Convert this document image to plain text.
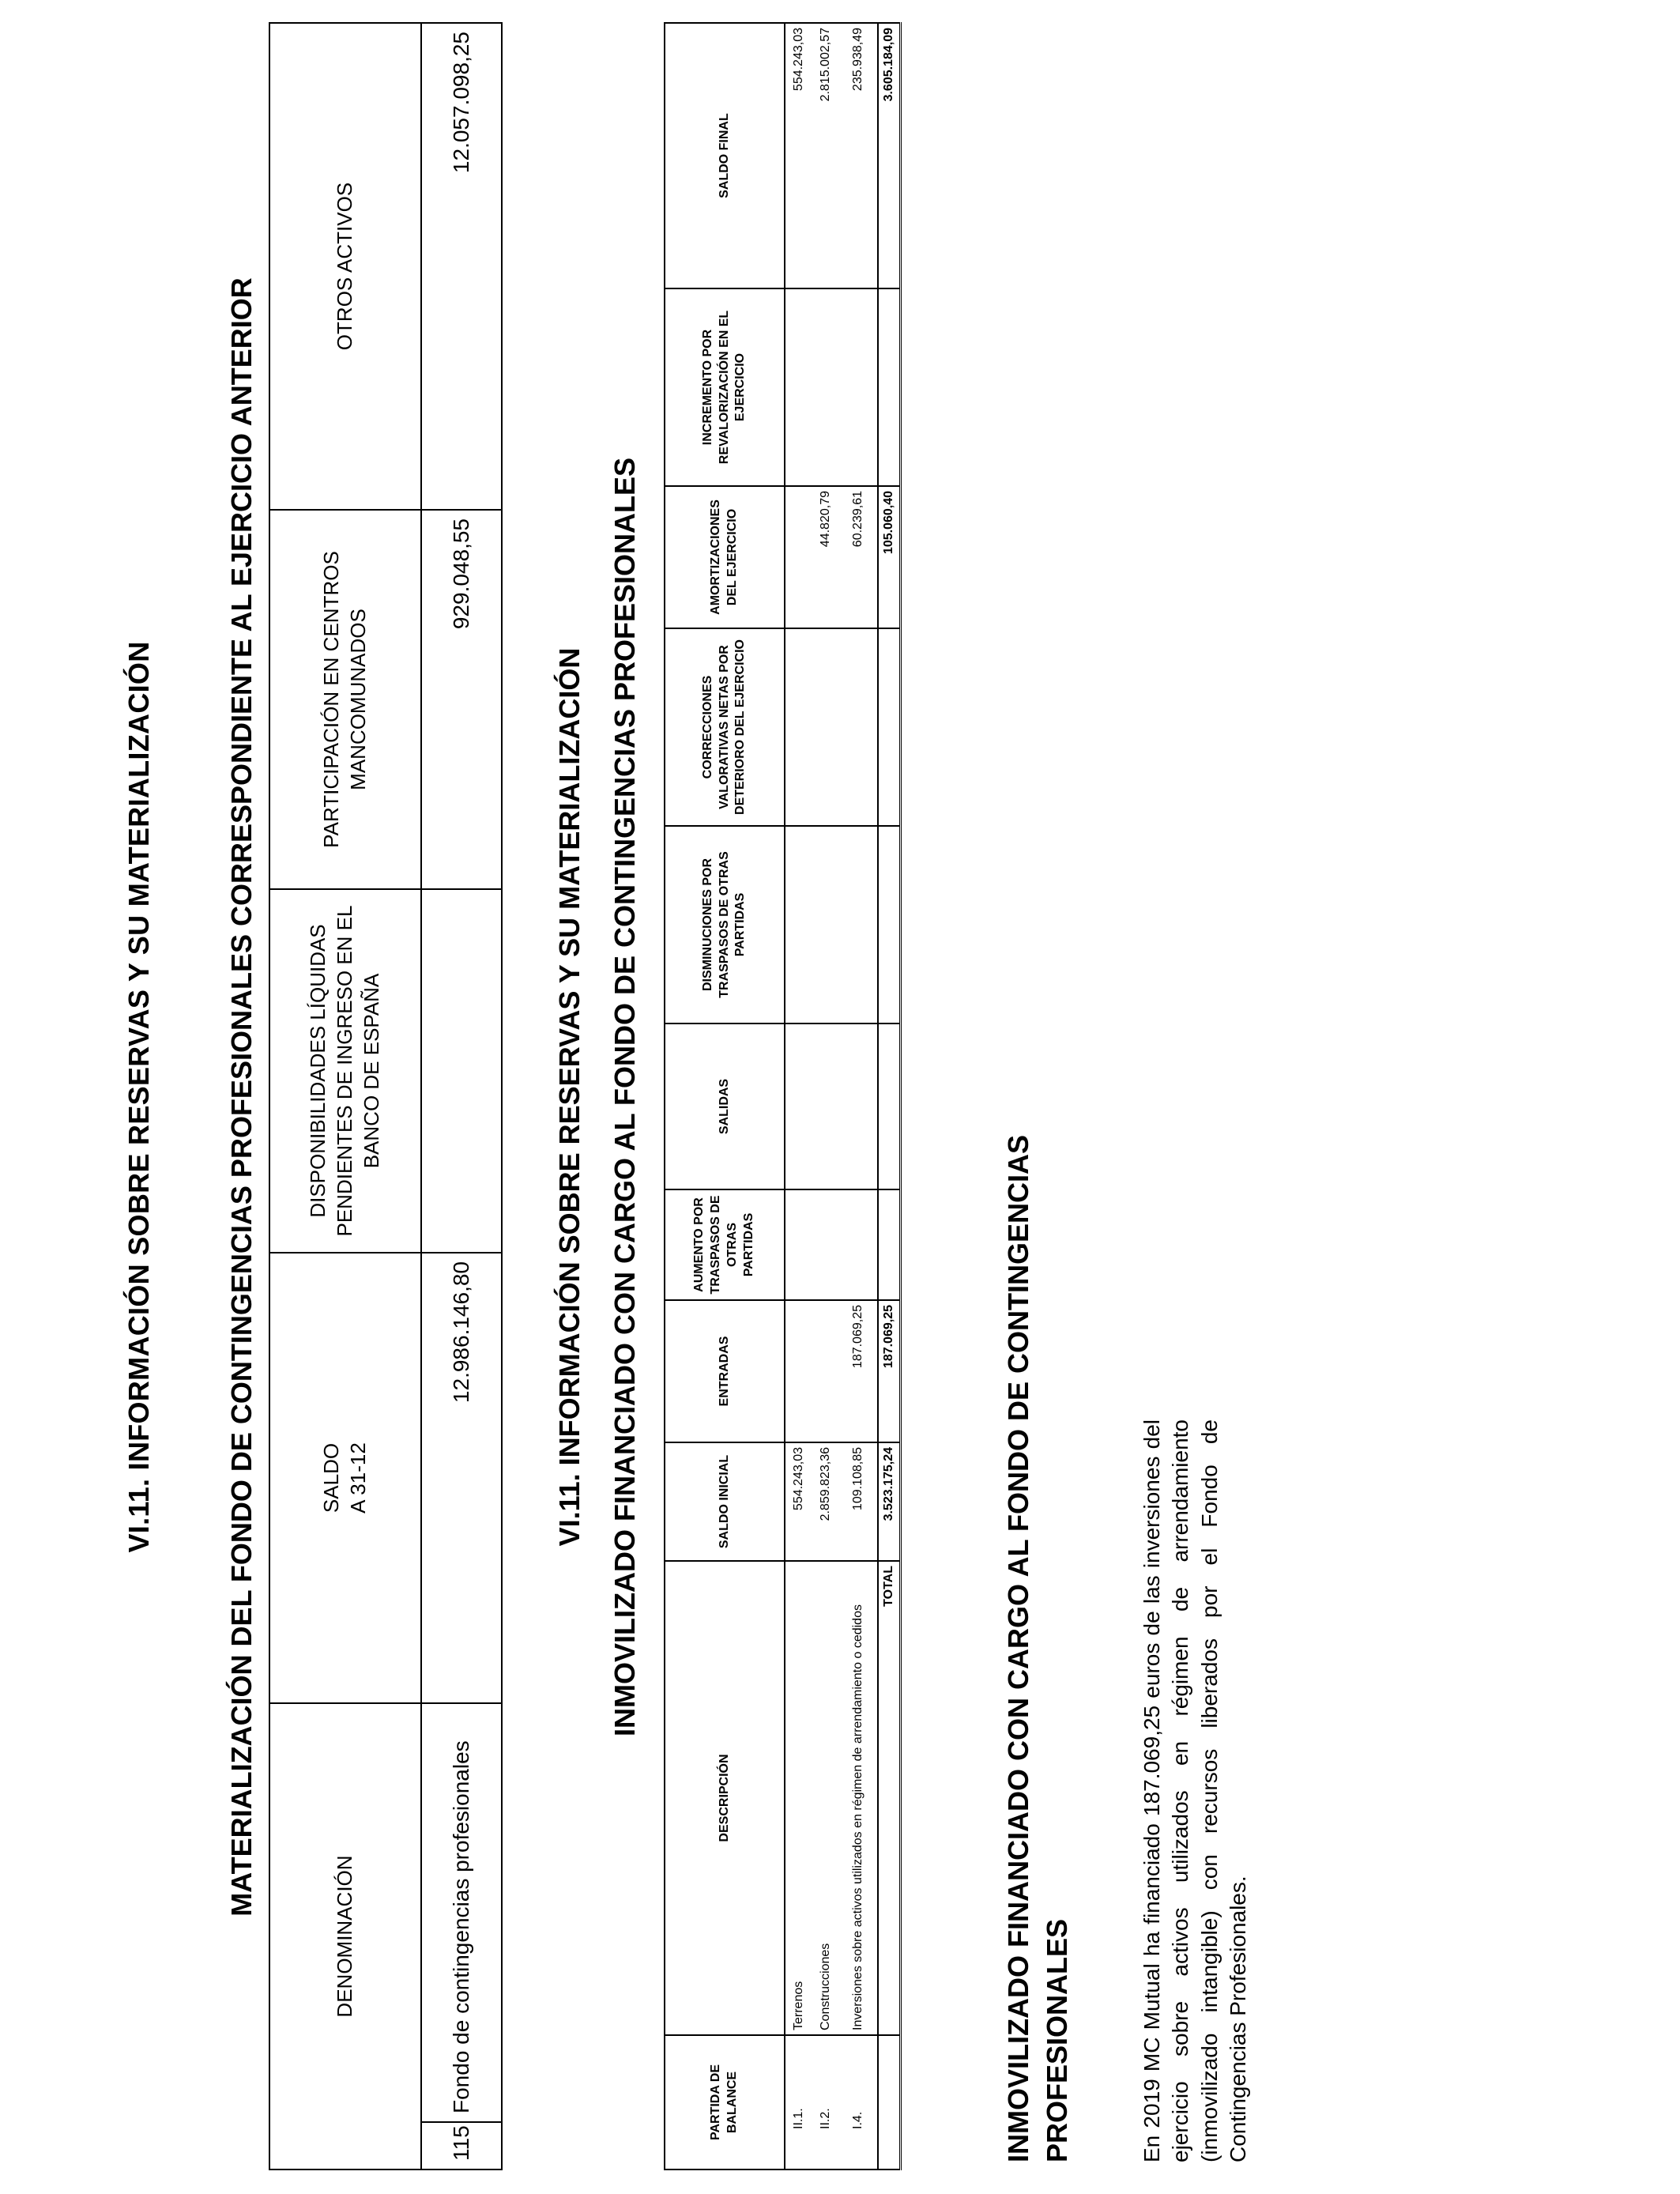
VI.11. INFORMACIÓN SOBRE RESERVAS Y SU MATERIALIZACIÓN MATERIALIZACIÓN DEL FONDO DE CONTINGENCIAS PROFESIONALES CORRESPONDIENTE AL EJERCICIO ANTERIOR
DENOMINACIÓN		SALDO A 31-12	DISPONIBILIDADES LÍQUIDAS PENDIENTES DE INGRESO EN EL BANCO DE ESPAÑA	PARTICIPACIÓN EN CENTROS MANCOMUNADOS	OTROS ACTIVOS
115	Fondo de contingencias profesionales	12.986.146,80		929.048,55	12.057.098,25
VI.11. INFORMACIÓN SOBRE RESERVAS Y SU MATERIALIZACIÓN INMOVILIZADO FINANCIADO CON CARGO AL FONDO DE CONTINGENCIAS PROFESIONALES
PARTIDA DE BALANCE	DESCRIPCIÓN	SALDO INICIAL	ENTRADAS	AUMENTO POR TRASPASOS DE OTRAS PARTIDAS	SALIDAS	DISMINUCIONES POR TRASPASOS DE OTRAS PARTIDAS	CORRECCIONES VALORATIVAS NETAS POR DETERIORO DEL EJERCICIO	AMORTIZACIONES DEL EJERCICIO	INCREMENTO POR REVALORIZACIÓN EN EL EJERCICIO	SALDO FINAL
II.1.	Terrenos	554.243,03								554.243,03
II.2.	Construcciones	2.859.823,36						44.820,79		2.815.002,57
I.4.	Inversiones sobre activos utilizados en régimen de arrendamiento o cedidos	109.108,85	187.069,25					60.239,61		235.938,49
	TOTAL	3.523.175,24	187.069,25					105.060,40		3.605.184,09
INMOVILIZADO FINANCIADO CON CARGO AL FONDO DE CONTINGENCIAS PROFESIONALES	En 2019 MC Mutual ha financiado 187.069,25 euros de las inversiones del ejercicio sobre activos utilizados en régimen de arrendamiento (inmovilizado intangible) con recursos liberados por el Fondo de Contingencias Profesionales.
